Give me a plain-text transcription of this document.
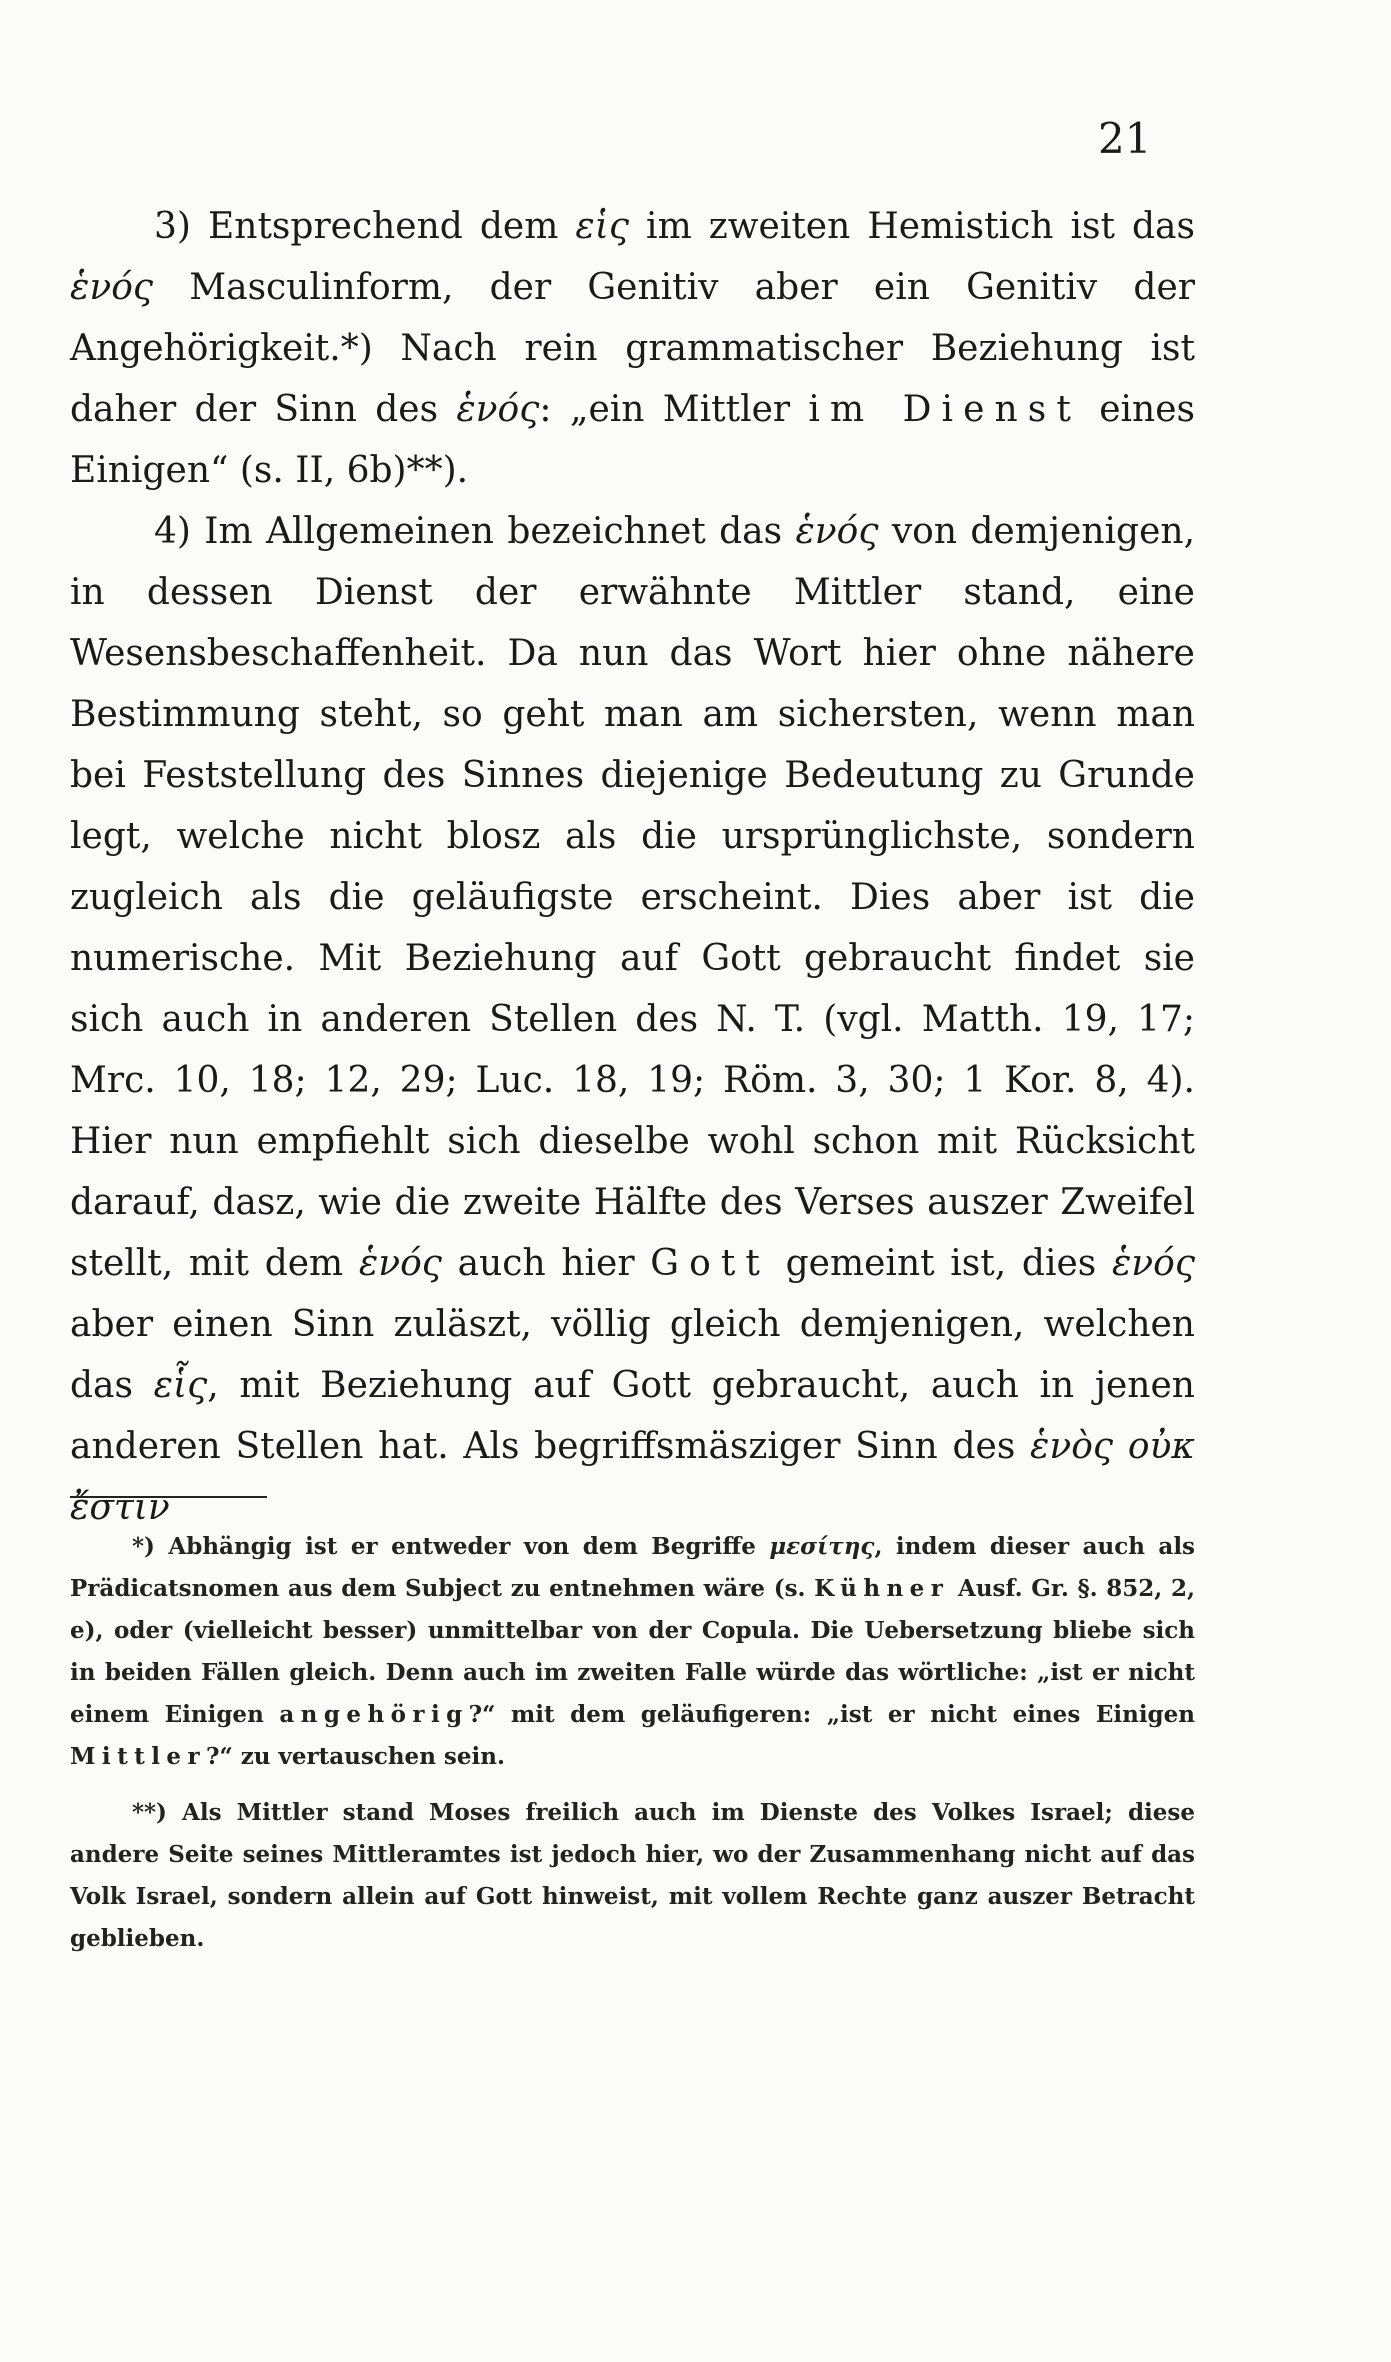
21

3) Entsprechend dem εἱς im zweiten Hemistich ist das ἑνός Masculinform, der Genitiv aber ein Genitiv der Angehörigkeit.*) Nach rein grammatischer Beziehung ist daher der Sinn des ἑνός: „ein Mittler im Dienst eines Einigen“ (s. II, 6b)**).

4) Im Allgemeinen bezeichnet das ἑνός von demjenigen, in dessen Dienst der erwähnte Mittler stand, eine Wesensbeschaffenheit. Da nun das Wort hier ohne nähere Bestimmung steht, so geht man am sichersten, wenn man bei Feststellung des Sinnes diejenige Bedeutung zu Grunde legt, welche nicht blosz als die ursprünglichste, sondern zugleich als die geläufigste erscheint. Dies aber ist die numerische. Mit Beziehung auf Gott gebraucht findet sie sich auch in anderen Stellen des N. T. (vgl. Matth. 19, 17; Mrc. 10, 18; 12, 29; Luc. 18, 19; Röm. 3, 30; 1 Kor. 8, 4). Hier nun empfiehlt sich dieselbe wohl schon mit Rücksicht darauf, dasz, wie die zweite Hälfte des Verses auszer Zweifel stellt, mit dem ἑνός auch hier Gott gemeint ist, dies ἑνός aber einen Sinn zuläszt, völlig gleich demjenigen, welchen das εἷς, mit Beziehung auf Gott gebraucht, auch in jenen anderen Stellen hat. Als begriffsmäsziger Sinn des ἑνὸς οὐκ ἔστιν

*) Abhängig ist er entweder von dem Begriffe μεσίτης, indem dieser auch als Prädicatsnomen aus dem Subject zu entnehmen wäre (s. Kühner Ausf. Gr. §. 852, 2, e), oder (vielleicht besser) unmittelbar von der Copula. Die Uebersetzung bliebe sich in beiden Fällen gleich. Denn auch im zweiten Falle würde das wörtliche: „ist er nicht einem Einigen angehörig?“ mit dem geläufigeren: „ist er nicht eines Einigen Mittler?“ zu vertauschen sein.

**) Als Mittler stand Moses freilich auch im Dienste des Volkes Israel; diese andere Seite seines Mittleramtes ist jedoch hier, wo der Zusammenhang nicht auf das Volk Israel, sondern allein auf Gott hinweist, mit vollem Rechte ganz auszer Betracht geblieben.
